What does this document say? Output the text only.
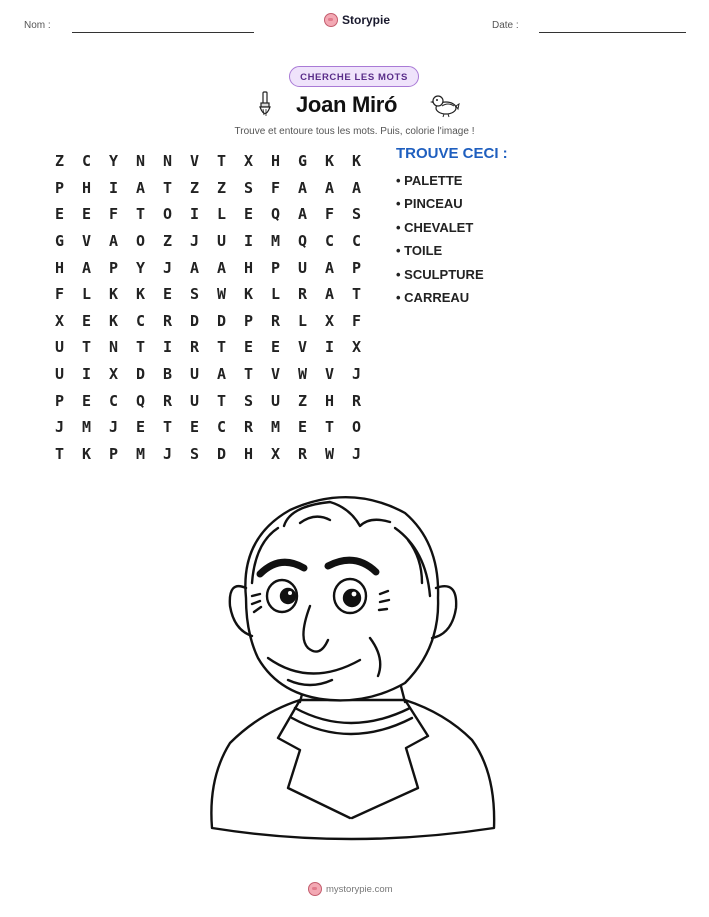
Nom :	Storypie	Date :
CHERCHE LES MOTS
Joan Miró
Trouve et entoure tous les mots. Puis, colorie l'image !
Z	C	Y	N	N	V	T	X	H	G	K	K
P	H	I	A	T	Z	Z	S	F	A	A	A
E	E	F	T	O	I	L	E	Q	A	F	S
G	V	A	O	Z	J	U	I	M	Q	C	C
H	A	P	Y	J	A	A	H	P	U	A	P
F	L	K	K	E	S	W	K	L	R	A	T
X	E	K	C	R	D	D	P	R	L	X	F
U	T	N	T	I	R	T	E	E	V	I	X
U	I	X	D	B	U	A	T	V	W	V	J
P	E	C	Q	R	U	T	S	U	Z	H	R
J	M	J	E	T	E	C	R	M	E	T	O
T	K	P	M	J	S	D	H	X	R	W	J
TROUVE CECI :
• PALETTE
• PINCEAU
• CHEVALET
• TOILE
• SCULPTURE
• CARREAU
mystorypie.com
